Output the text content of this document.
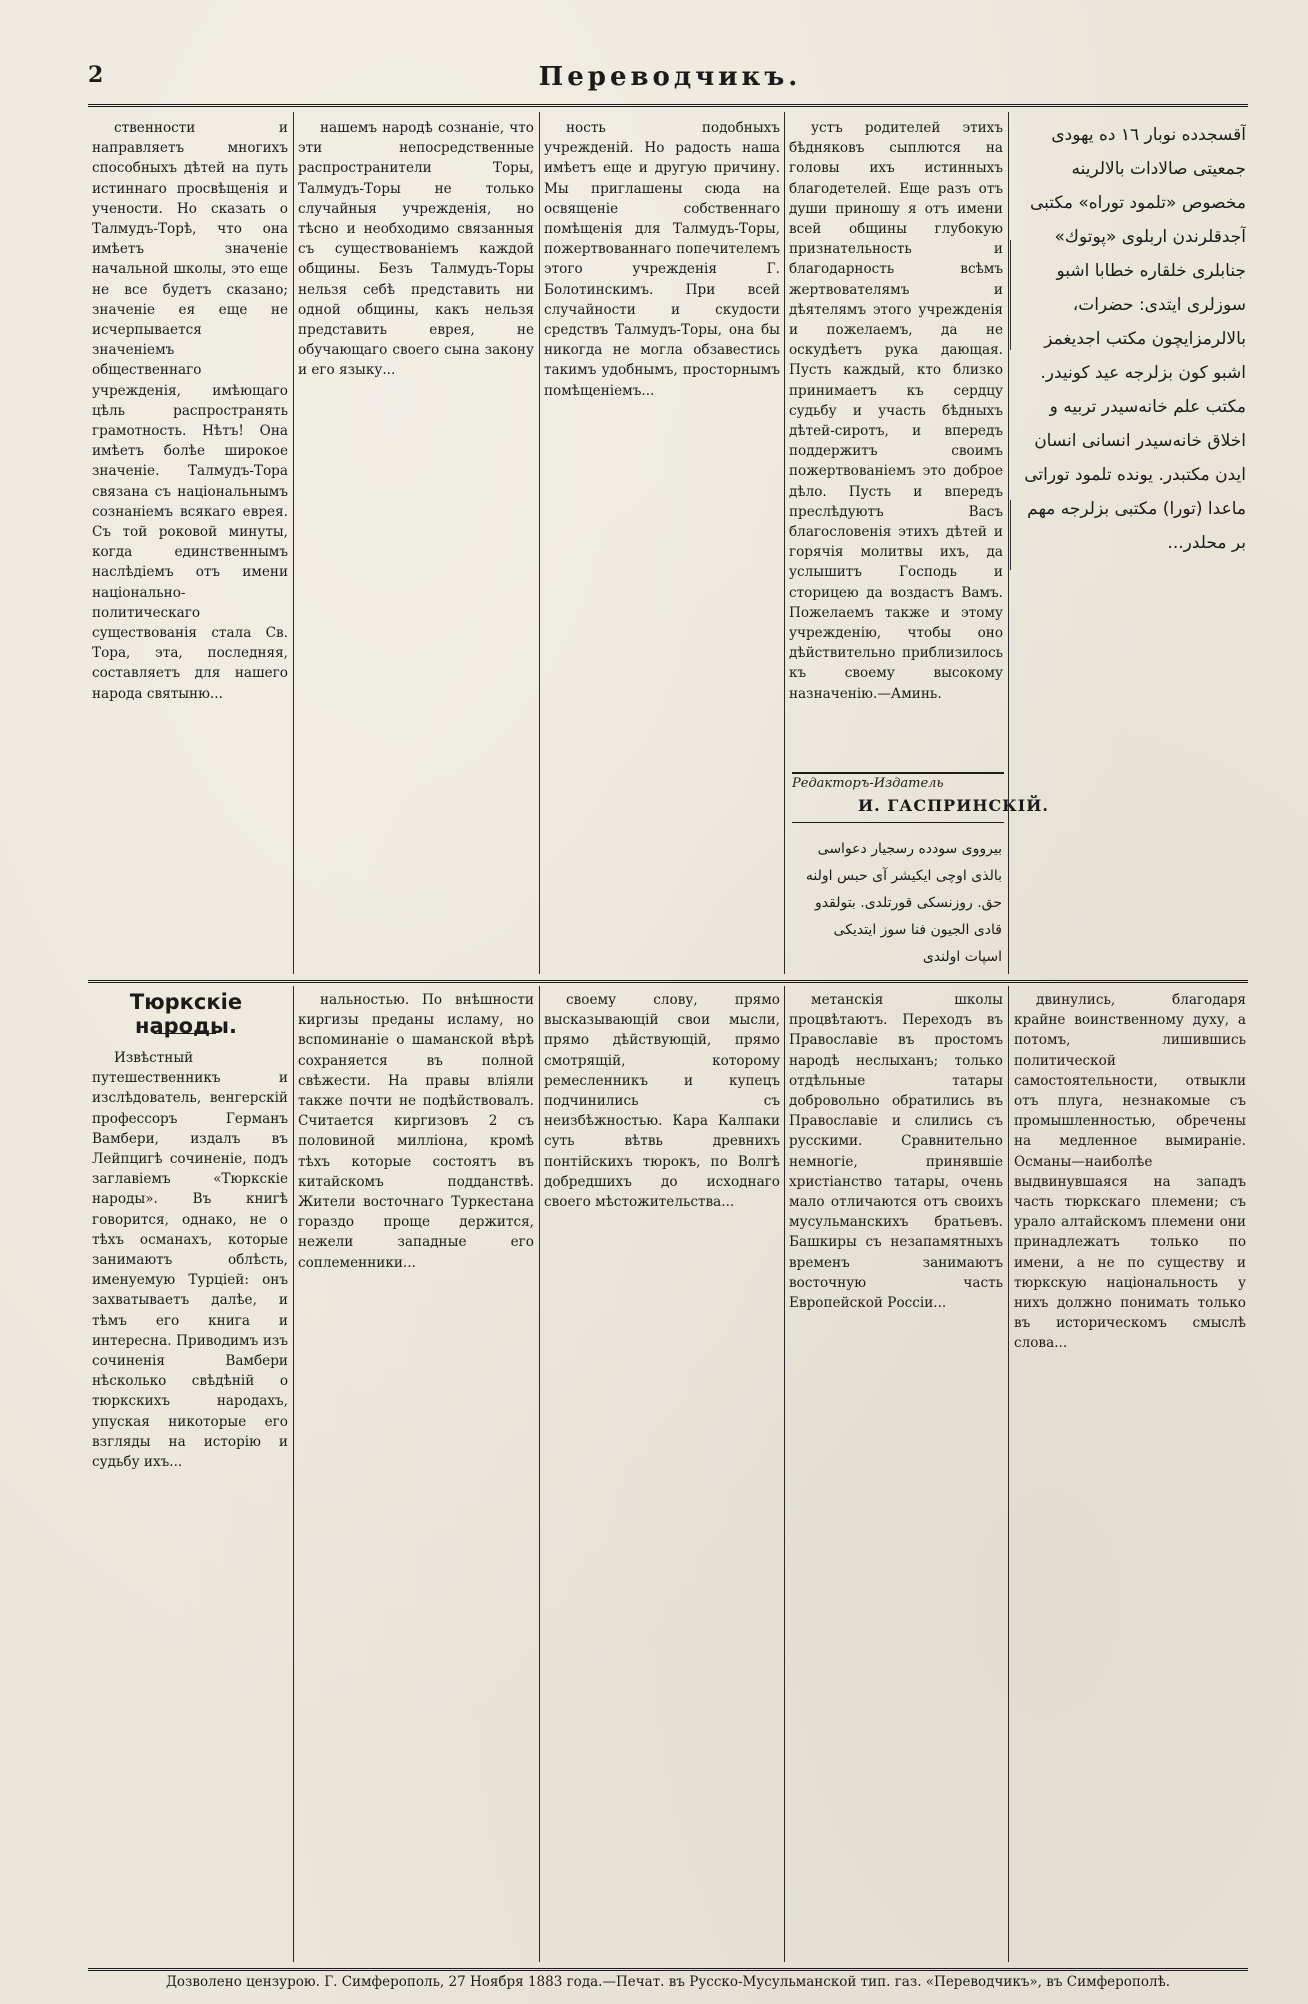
2	Переводчикъ.

ственности и направляетъ многихъ способныхъ дѣтей на путь истиннаго просвѣщенія и учености. Но сказать о Талмудъ-Торѣ, что она имѣетъ значеніе начальной школы, это еще не все будетъ сказано; значеніе ея еще не исчерпывается значеніемъ общественнаго учрежденія, имѣющаго цѣль распространять грамотность. Нѣтъ! Она имѣетъ болѣе широкое значеніе. Талмудъ-Тора связана съ національнымъ сознаніемъ всякаго еврея. Съ той роковой минуты, когда единственнымъ наслѣдіемъ отъ имени національно-политическаго существованія стала Св. Тора, эта, последняя, составляетъ для нашего народа святыню...

нашемъ народѣ сознаніе, что эти непосредственные распространители Торы, Талмудъ-Торы не только случайныя учрежденія, но тѣсно и необходимо связанныя съ существованіемъ каждой общины. Безъ Талмудъ-Торы нельзя себѣ представить ни одной общины, какъ нельзя представить еврея, не обучающаго своего сына закону и его языку...

ность подобныхъ учрежденій. Но радость наша имѣетъ еще и другую причину. Мы приглашены сюда на освященіе собственнаго помѣщенія для Талмудъ-Торы, пожертвованнаго попечителемъ этого учрежденія Г. Болотинскимъ. При всей случайности и скудости средствъ Талмудъ-Торы, она бы никогда не могла обзавестись такимъ удобнымъ, просторнымъ помѣщеніемъ...

устъ родителей этихъ бѣдняковъ сыплются на головы ихъ истинныхъ благодетелей. Еще разъ отъ души приношу я отъ имени всей общины глубокую признательность и благодарность всѣмъ жертвователямъ и дѣятелямъ этого учрежденія и пожелаемъ, да не оскудѣетъ рука дающая. Пусть каждый, кто близко принимаетъ къ сердцу судьбу и участь бѣдныхъ дѣтей-сиротъ, и впередъ поддержитъ своимъ пожертвованіемъ это доброе дѣло. Пусть и впередъ преслѣдуютъ Васъ благословенія этихъ дѣтей и горячія молитвы ихъ, да услышитъ Господь и сторицею да воздастъ Вамъ. Пожелаемъ также и этому учрежденію, чтобы оно дѣйствительно приблизилось къ своему высокому назначенію.—Аминь.

Редакторъ-Издатель
И. ГАСПРИНСКІЙ.

بیرووی سوددە رسجیار دعواسی بالذى اوچى ایکیشر آى حبس اولنه حق. روزنسکی قورتلدی. بتولقدو قادی الجیون فنا سوز ایتدیکی اسپات اولندی

آقسجدده نوبار ١٦ دە يهودى جمعیتی صالادات بالالرینه مخصوص «تلمود توراه» مکتبی آجدقلرندن اربلوى «پوتوك» جنابلرى خلقاره خطابا اشبو سوزلرى ایتدى: حضرات، بالالرمزایچون مکتب اجدیغمز اشبو کون بزلرجه عید کونیدر. مکتب علم خانەسیدر تربيه و اخلاق خانەسیدر انسانی انسان ایدن مکتبدر. یونده تلمود توراتی ماعدا (تورا) مکتبی بزلرجه مهم بر محلدر...

Тюркскіе народы.

Извѣстный путешественникъ и изслѣдователь, венгерскій профессоръ Германъ Вамбери, издалъ въ Лейпцигѣ сочиненіе, подъ заглавіемъ «Тюркскіе народы». Въ книгѣ говорится, однако, не о тѣхъ османахъ, которые занимаютъ облѣсть, именуемую Турціей: онъ захватываетъ далѣе, и тѣмъ его книга и интересна. Приводимъ изъ сочиненія Вамбери нѣсколько свѣдѣній о тюркскихъ народахъ, упуская никоторые его взгляды на исторію и судьбу ихъ...

нальностью. По внѣшности киргизы преданы исламу, но вспоминаніе о шаманской вѣрѣ сохраняется въ полной свѣжести. На правы вліяли также почти не подѣйствовалъ. Считается киргизовъ 2 съ половиной милліона, кромѣ тѣхъ которые состоятъ въ китайскомъ подданствѣ. Жители восточнаго Туркестана гораздо проще держится, нежели западные его соплеменники...

своему слову, прямо высказывающій свои мысли, прямо дѣйствующій, прямо смотрящій, которому ремесленникъ и купецъ подчинились съ неизбѣжностью. Кара Калпаки суть вѣтвь древнихъ понтійскихъ тюрокъ, по Волгѣ добредшихъ до исходнаго своего мѣстожительства...

метанскія школы процвѣтаютъ. Переходъ въ Православіе въ простомъ народѣ неслыханъ; только отдѣльные татары добровольно обратились въ Православіе и слились съ русскими. Сравнительно немногіе, принявшіе христіанство татары, очень мало отличаются отъ своихъ мусульманскихъ братьевъ. Башкиры съ незапамятныхъ временъ занимаютъ восточную часть Европейской Россіи...

двинулись, благодаря крайне воинственному духу, а потомъ, лишившись политической самостоятельности, отвыкли отъ плуга, незнакомые съ промышленностью, обречены на медленное вымираніе. Османы—наиболѣе выдвинувшаяся на западъ часть тюркскаго племени; съ урало алтайскомъ племени они принадлежатъ только по имени, а не по существу и тюркскую національность у нихъ должно понимать только въ историческомъ смыслѣ слова...

Дозволено цензурою. Г. Симферополь, 27 Ноября 1883 года.—Печат. въ Русско-Мусульманской тип. газ. «Переводчикъ», въ Симферополѣ.
